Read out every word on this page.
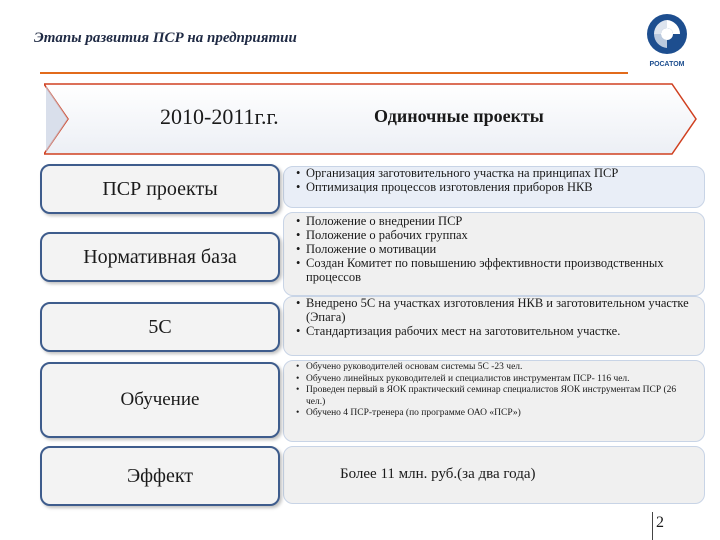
Этапы развития ПСР на предприятии
РОСАТОМ
2010-2011г.г.	Одиночные проекты
ПСР проекты
Нормативная база
5С
Обучение
Эффект
• Организация заготовительного участка на принципах ПСР
• Оптимизация процессов изготовления приборов НКВ
• Положение о внедрении ПСР
• Положение о рабочих группах
• Положение о мотивации
• Создан Комитет по повышению эффективности производственных процессов
• Внедрено 5С на участках изготовления НКВ и заготовительном участке (Эпага)
• Стандартизация рабочих мест на заготовительном участке.
• Обучено руководителей основам системы 5С -23 чел.
• Обучено линейных руководителей и специалистов инструментам ПСР- 116 чел.
• Проведен первый в ЯОК практический семинар специалистов ЯОК инструментам ПСР (26 чел.)
• Обучено 4 ПСР-тренера (по программе ОАО «ПСР»)
Более 11 млн. руб.(за два года)
2
